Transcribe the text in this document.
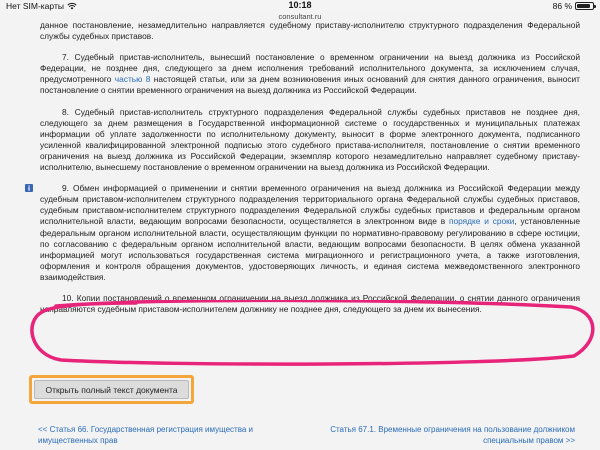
Нет SIM-карты	10:18	86 %
consultant.ru

данное постановление, незамедлительно направляется судебному приставу-исполнителю структурного подразделения Федеральной службы судебных приставов.

7. Судебный пристав-исполнитель, вынесший постановление о временном ограничении на выезд должника из Российской Федерации, не позднее дня, следующего за днем исполнения требований исполнительного документа, за исключением случая, предусмотренного частью 8 настоящей статьи, или за днем возникновения иных оснований для снятия данного ограничения, выносит постановление о снятии временного ограничения на выезд должника из Российской Федерации.

8. Судебный пристав-исполнитель структурного подразделения Федеральной службы судебных приставов не позднее дня, следующего за днем размещения в Государственной информационной системе о государственных и муниципальных платежах информации об уплате задолженности по исполнительному документу, выносит в форме электронного документа, подписанного усиленной квалифицированной электронной подписью этого судебного пристава-исполнителя, постановление о снятии временного ограничения на выезд должника из Российской Федерации, экземпляр которого незамедлительно направляет судебному приставу-исполнителю, вынесшему постановление о временном ограничении на выезд должника из Российской Федерации.

9. Обмен информацией о применении и снятии временного ограничения на выезд должника из Российской Федерации между судебным приставом-исполнителем структурного подразделения территориального органа Федеральной службы судебных приставов, судебным приставом-исполнителем структурного подразделения Федеральной службы судебных приставов и федеральным органом исполнительной власти, ведающим вопросами безопасности, осуществляется в электронном виде в порядке и сроки, установленные федеральным органом исполнительной власти, осуществляющим функции по нормативно-правовому регулированию в сфере юстиции, по согласованию с федеральным органом исполнительной власти, ведающим вопросами безопасности. В целях обмена указанной информацией могут использоваться государственная система миграционного и регистрационного учета, а также изготовления, оформления и контроля обращения документов, удостоверяющих личность, и единая система межведомственного электронного взаимодействия.

10. Копии постановлений о временном ограничении на выезд должника из Российской Федерации, о снятии данного ограничения направляются судебным приставом-исполнителем должнику не позднее дня, следующего за днем их вынесения.

Открыть полный текст документа
<< Статья 66. Государственная регистрация имущества и имущественных прав
Статья 67.1. Временные ограничения на пользование должником специальным правом >>
